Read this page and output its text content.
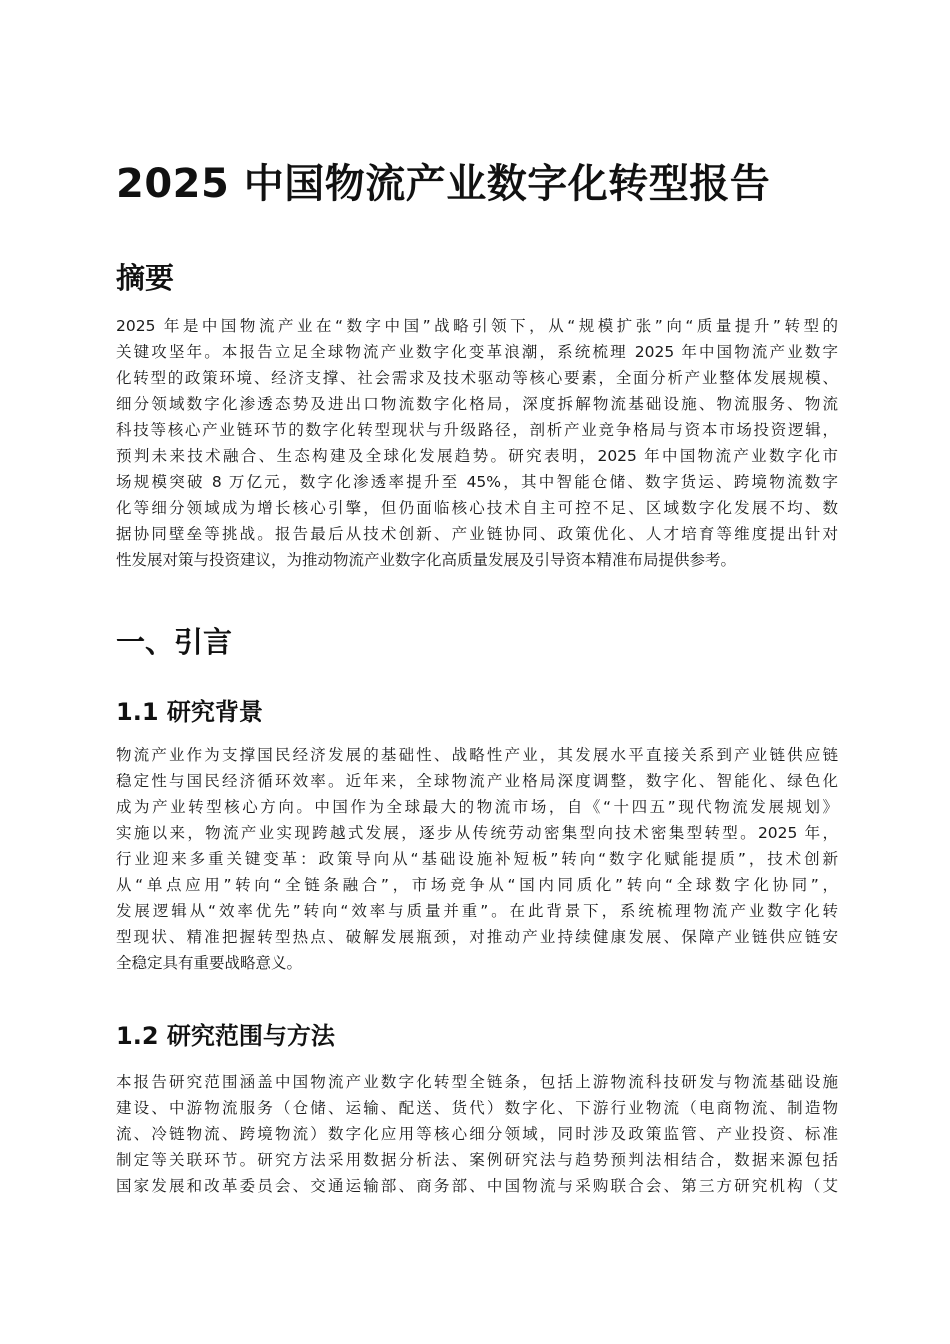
2025 中国物流产业数字化转型报告
摘要
2025 年是中国物流产业在“数字中国”战略引领下，从“规模扩张”向“质量提升”转型的
关键攻坚年。本报告立足全球物流产业数字化变革浪潮，系统梳理 2025 年中国物流产业数字
化转型的政策环境、经济支撑、社会需求及技术驱动等核心要素，全面分析产业整体发展规模、
细分领域数字化渗透态势及进出口物流数字化格局，深度拆解物流基础设施、物流服务、物流
科技等核心产业链环节的数字化转型现状与升级路径，剖析产业竞争格局与资本市场投资逻辑，
预判未来技术融合、生态构建及全球化发展趋势。研究表明，2025 年中国物流产业数字化市
场规模突破 8 万亿元，数字化渗透率提升至 45%，其中智能仓储、数字货运、跨境物流数字
化等细分领域成为增长核心引擎，但仍面临核心技术自主可控不足、区域数字化发展不均、数
据协同壁垒等挑战。报告最后从技术创新、产业链协同、政策优化、人才培育等维度提出针对
性发展对策与投资建议，为推动物流产业数字化高质量发展及引导资本精准布局提供参考。
一、引言
1.1 研究背景
物流产业作为支撑国民经济发展的基础性、战略性产业，其发展水平直接关系到产业链供应链
稳定性与国民经济循环效率。近年来，全球物流产业格局深度调整，数字化、智能化、绿色化
成为产业转型核心方向。中国作为全球最大的物流市场，自《“十四五”现代物流发展规划》
实施以来，物流产业实现跨越式发展，逐步从传统劳动密集型向技术密集型转型。2025 年，
行业迎来多重关键变革：政策导向从“基础设施补短板”转向“数字化赋能提质”，技术创新
从“单点应用”转向“全链条融合”，市场竞争从“国内同质化”转向“全球数字化协同”，
发展逻辑从“效率优先”转向“效率与质量并重”。在此背景下，系统梳理物流产业数字化转
型现状、精准把握转型热点、破解发展瓶颈，对推动产业持续健康发展、保障产业链供应链安
全稳定具有重要战略意义。
1.2 研究范围与方法
本报告研究范围涵盖中国物流产业数字化转型全链条，包括上游物流科技研发与物流基础设施
建设、中游物流服务（仓储、运输、配送、货代）数字化、下游行业物流（电商物流、制造物
流、冷链物流、跨境物流）数字化应用等核心细分领域，同时涉及政策监管、产业投资、标准
制定等关联环节。研究方法采用数据分析法、案例研究法与趋势预判法相结合，数据来源包括
国家发展和改革委员会、交通运输部、商务部、中国物流与采购联合会、第三方研究机构（艾
